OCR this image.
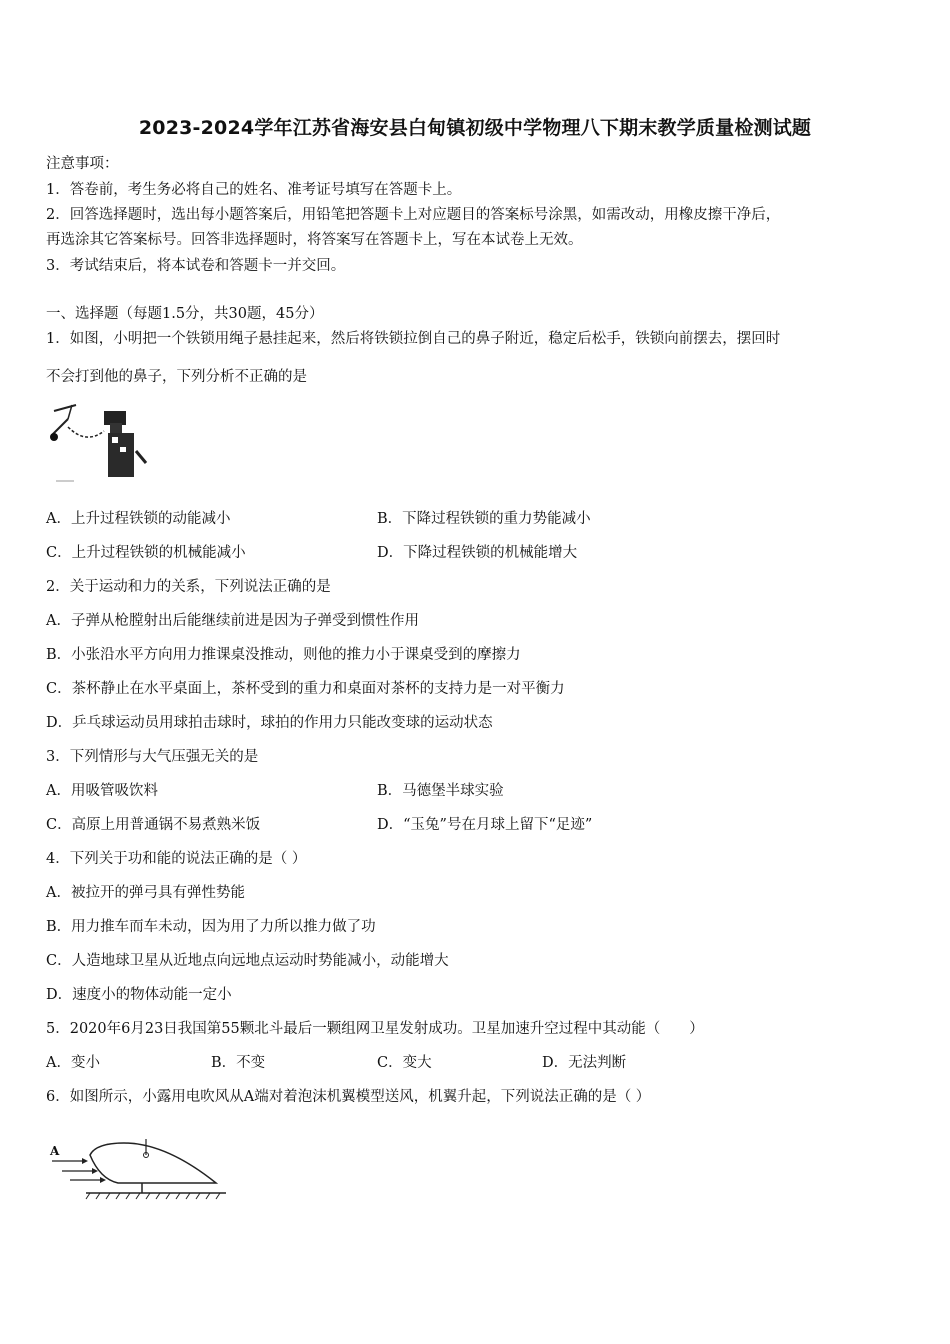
2023-2024学年江苏省海安县白甸镇初级中学物理八下期末教学质量检测试题
注意事项：
1．答卷前，考生务必将自己的姓名、准考证号填写在答题卡上。
2．回答选择题时，选出每小题答案后，用铅笔把答题卡上对应题目的答案标号涂黑，如需改动，用橡皮擦干净后，
再选涂其它答案标号。回答非选择题时，将答案写在答题卡上，写在本试卷上无效。
3．考试结束后，将本试卷和答题卡一并交回。
一、选择题（每题1.5分，共30题，45分）
1．如图，小明把一个铁锁用绳子悬挂起来，然后将铁锁拉倒自己的鼻子附近，稳定后松手，铁锁向前摆去，摆回时
不会打到他的鼻子，下列分析不正确的是
A．上升过程铁锁的动能减小	B．下降过程铁锁的重力势能减小
C．上升过程铁锁的机械能减小	D．下降过程铁锁的机械能增大
2．关于运动和力的关系，下列说法正确的是
A．子弹从枪膛射出后能继续前进是因为子弹受到惯性作用
B．小张沿水平方向用力推课桌没推动，则他的推力小于课桌受到的摩擦力
C．茶杯静止在水平桌面上，茶杯受到的重力和桌面对茶杯的支持力是一对平衡力
D．乒乓球运动员用球拍击球时，球拍的作用力只能改变球的运动状态
3．下列情形与大气压强无关的是
A．用吸管吸饮料	B．马德堡半球实验
C．高原上用普通锅不易煮熟米饭	D．“玉兔”号在月球上留下“足迹”
4．下列关于功和能的说法正确的是（ ）
A．被拉开的弹弓具有弹性势能
B．用力推车而车未动，因为用了力所以推力做了功
C．人造地球卫星从近地点向远地点运动时势能减小，动能增大
D．速度小的物体动能一定小
5．2020年6月23日我国第55颗北斗最后一颗组网卫星发射成功。卫星加速升空过程中其动能（　　）
A．变小	B．不变	C．变大	D．无法判断
6．如图所示，小露用电吹风从A端对着泡沫机翼模型送风，机翼升起，下列说法正确的是（ ）
A
